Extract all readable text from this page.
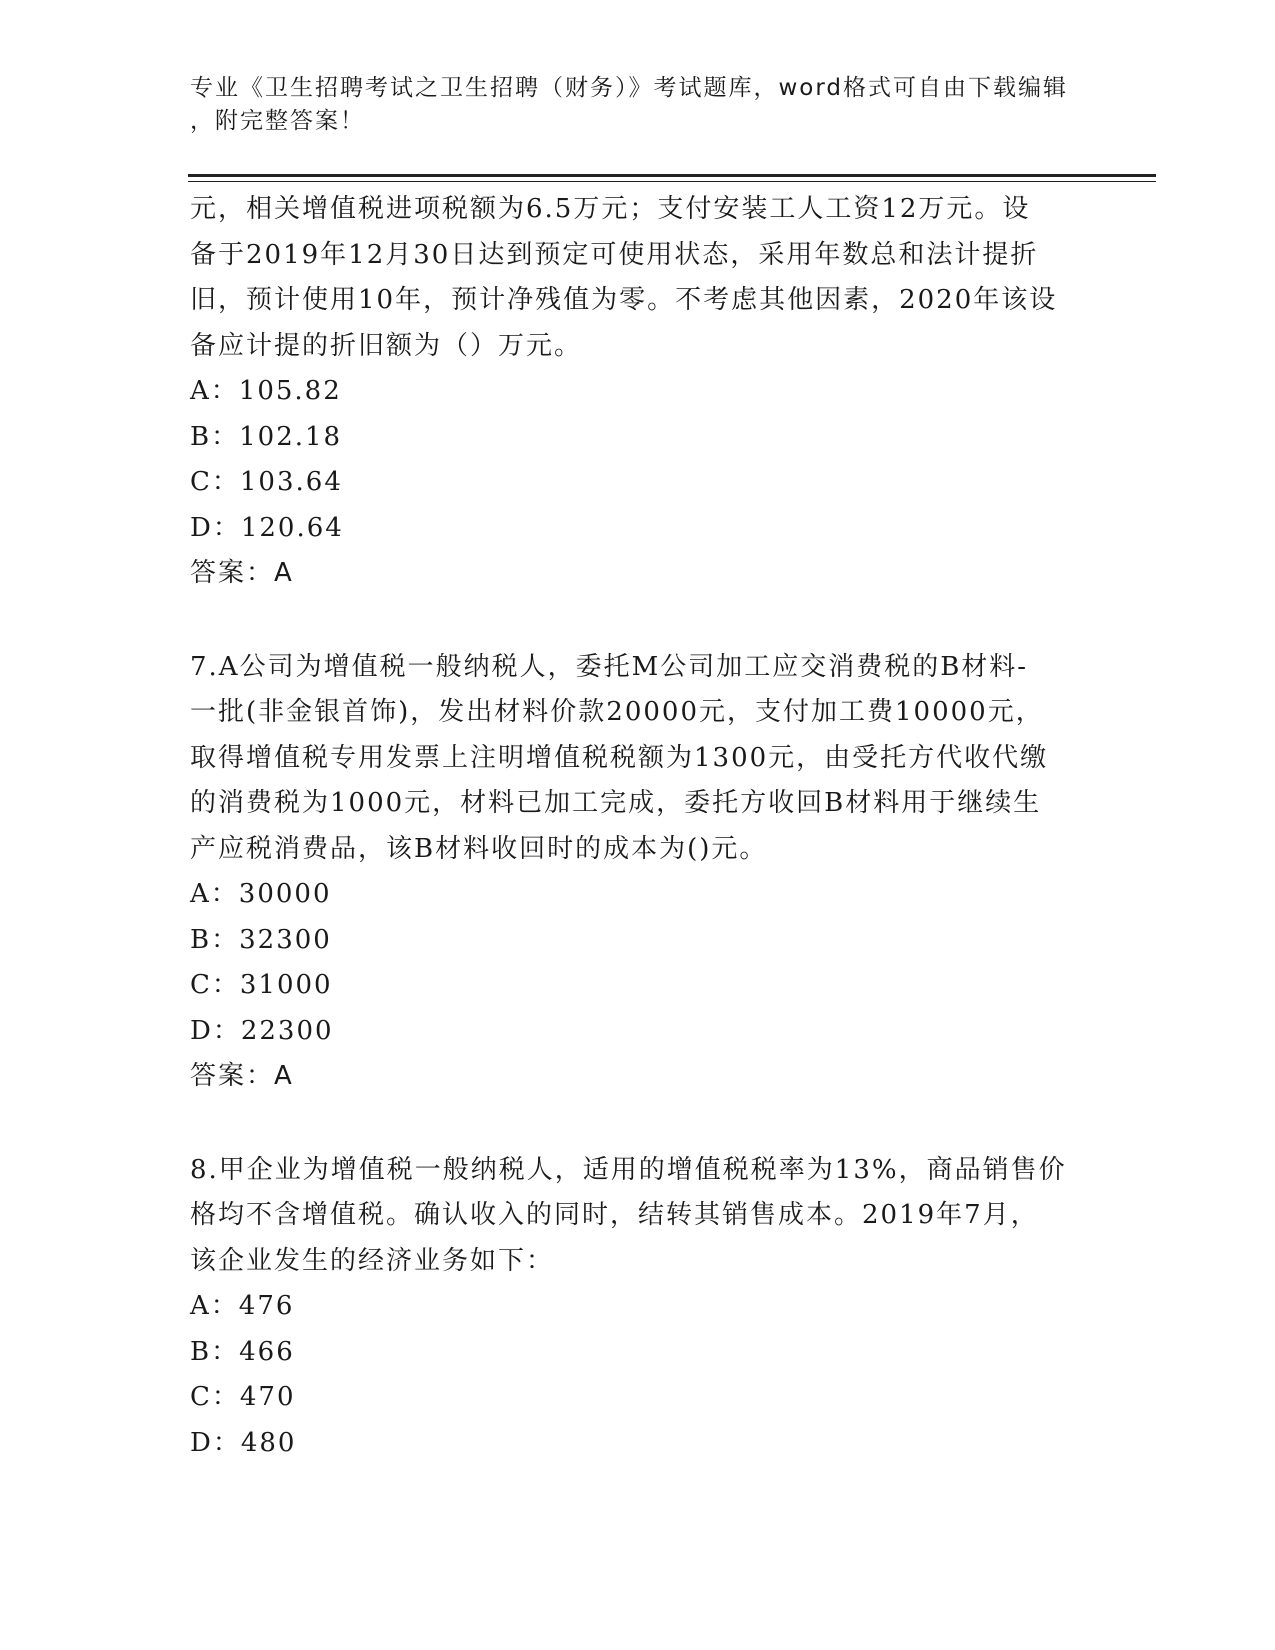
专业《卫生招聘考试之卫生招聘（财务）》考试题库，word格式可自由下载编辑

，附完整答案！

元，相关增值税进项税额为6.5万元；支付安装工人工资12万元。设
备于2019年12月30日达到预定可使用状态，采用年数总和法计提折
旧，预计使用10年，预计净残值为零。不考虑其他因素，2020年该设
备应计提的折旧额为（）万元。
A：105.82
B：102.18
C：103.64
D：120.64
答案：A
7.A公司为增值税一般纳税人，委托M公司加工应交消费税的B材料-
一批(非金银首饰)，发出材料价款20000元，支付加工费10000元，
取得增值税专用发票上注明增值税税额为1300元，由受托方代收代缴
的消费税为1000元，材料已加工完成，委托方收回B材料用于继续生
产应税消费品，该B材料收回时的成本为()元。
A：30000
B：32300
C：31000
D：22300
答案：A
8.甲企业为增值税一般纳税人，适用的增值税税率为13%，商品销售价
格均不含增值税。确认收入的同时，结转其销售成本。2019年7月，
该企业发生的经济业务如下：
A：476
B：466
C：470
D：480
